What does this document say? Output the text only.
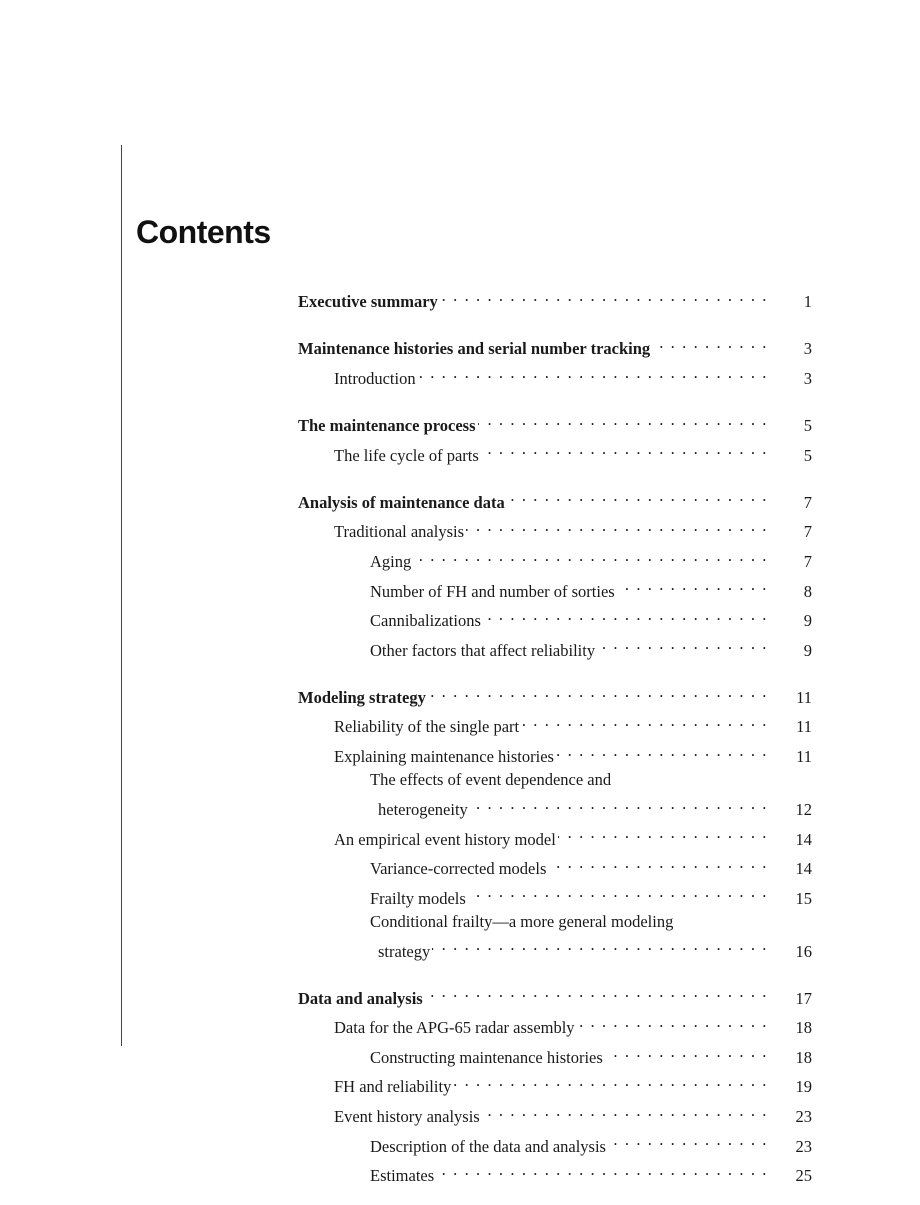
Contents
Executive summary . . .	1
Maintenance histories and serial number tracking . . .	3
Introduction . . .	3
The maintenance process . . .	5
The life cycle of parts . . .	5
Analysis of maintenance data . . .	7
Traditional analysis . . .	7
Aging . . .	7
Number of FH and number of sorties . . .	8
Cannibalizations . . .	9
Other factors that affect reliability . . .	9
Modeling strategy . . .	11
Reliability of the single part . . .	11
Explaining maintenance histories . . .	11
The effects of event dependence and
heterogeneity . . .	12
An empirical event history model . . .	14
Variance-corrected models . . .	14
Frailty models . . .	15
Conditional frailty—a more general modeling
strategy . . .	16
Data and analysis . . .	17
Data for the APG-65 radar assembly . . .	18
Constructing maintenance histories . . .	18
FH and reliability . . .	19
Event history analysis . . .	23
Description of the data and analysis . . .	23
Estimates . . .	25
